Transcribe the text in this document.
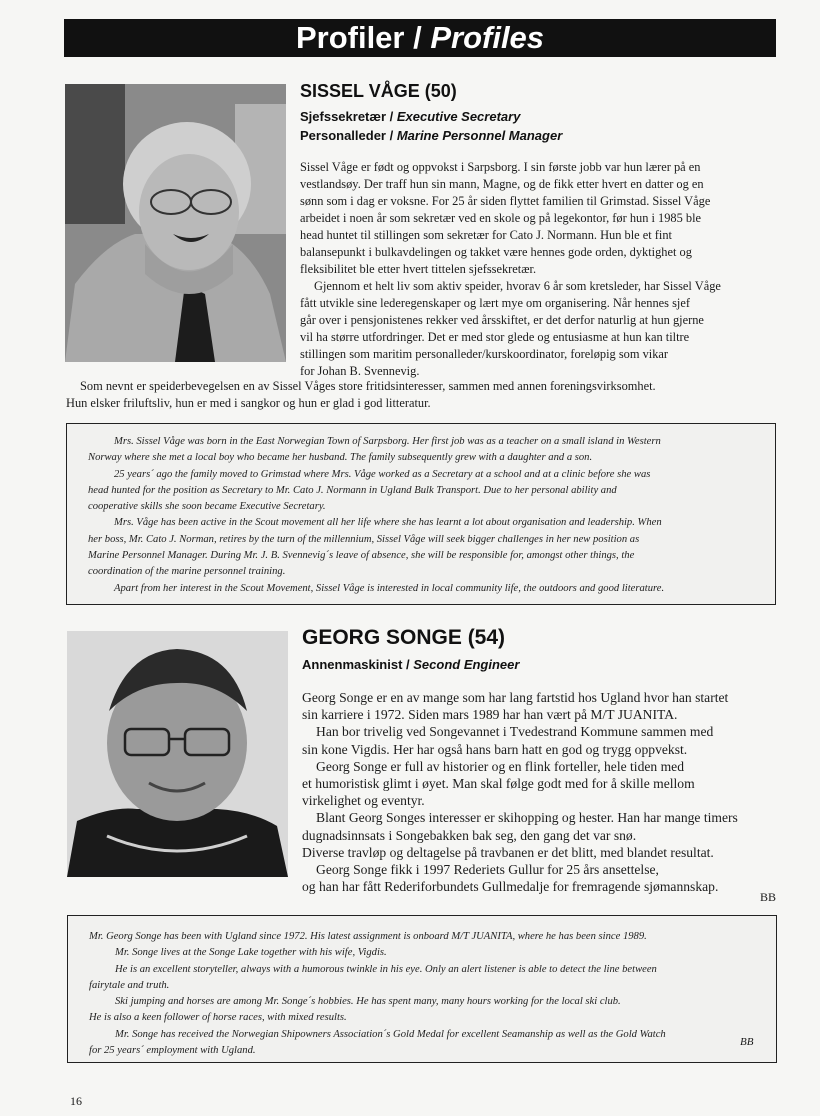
Profiler / Profiles
SISSEL VÅGE (50)
Sjefssekretær / Executive Secretary
Personalleder / Marine Personnel Manager
Sissel Våge er født og oppvokst i Sarpsborg. I sin første jobb var hun lærer på en
vestlandsøy. Der traff hun sin mann, Magne, og de fikk etter hvert en datter og en
sønn som i dag er voksne. For 25 år siden flyttet familien til Grimstad. Sissel Våge
arbeidet i noen år som sekretær ved en skole og på legekontor, før hun i 1985 ble
head huntet til stillingen som sekretær for Cato J. Normann. Hun ble et fint
balansepunkt i bulkavdelingen og takket være hennes gode orden, dyktighet og
fleksibilitet ble etter hvert tittelen sjefssekretær.
Gjennom et helt liv som aktiv speider, hvorav 6 år som kretsleder, har Sissel Våge
fått utvikle sine lederegenskaper og lært mye om organisering. Når hennes sjef
går over i pensjonistenes rekker ved årsskiftet, er det derfor naturlig at hun gjerne
vil ha større utfordringer. Det er med stor glede og entusiasme at hun kan tiltre
stillingen som maritim personalleder/kurskoordinator, foreløpig som vikar
for Johan B. Svennevig.
Som nevnt er speiderbevegelsen en av Sissel Våges store fritidsinteresser, sammen med annen foreningsvirksomhet.
Hun elsker friluftsliv, hun er med i sangkor og hun er glad i god litteratur.
Mrs. Sissel Våge was born in the East Norwegian Town of Sarpsborg. Her first job was as a teacher on a small island in Western
Norway where she met a local boy who became her husband. The family subsequently grew with a daughter and a son.
25 years´ ago the family moved to Grimstad where Mrs. Våge worked as a Secretary at a school and at a clinic before she was
head hunted for the position as Secretary to Mr. Cato J. Normann in Ugland Bulk Transport. Due to her personal ability and
cooperative skills she soon became Executive Secretary.
Mrs. Våge has been active in the Scout movement all her life where she has learnt a lot about organisation and leadership. When
her boss, Mr. Cato J. Norman, retires by the turn of the millennium, Sissel Våge will seek bigger challenges in her new position as
Marine Personnel Manager. During Mr. J. B. Svennevig´s leave of absence, she will be responsible for, amongst other things, the
coordination of the marine personnel training.
Apart from her interest in the Scout Movement, Sissel Våge is interested in local community life, the outdoors and good literature.
GEORG SONGE (54)
Annenmaskinist / Second Engineer
Georg Songe er en av mange som har lang fartstid hos Ugland hvor han startet
sin karriere i 1972. Siden mars 1989 har han vært på M/T JUANITA.
Han bor trivelig ved Songevannet i Tvedestrand Kommune sammen med
sin kone Vigdis. Her har også hans barn hatt en god og trygg oppvekst.
Georg Songe er full av historier og en flink forteller, hele tiden med
et humoristisk glimt i øyet. Man skal følge godt med for å skille mellom
virkelighet og eventyr.
Blant Georg Songes interesser er skihopping og hester. Han har mange timers
dugnadsinnsats i Songebakken bak seg, den gang det var snø.
Diverse travløp og deltagelse på travbanen er det blitt, med blandet resultat.
Georg Songe fikk i 1997 Rederiets Gullur for 25 års ansettelse,
og han har fått Rederiforbundets Gullmedalje for fremragende sjømannskap.
BB
Mr. Georg Songe has been with Ugland since 1972. His latest assignment is onboard M/T JUANITA, where he has been since 1989.
Mr. Songe lives at the Songe Lake together with his wife, Vigdis.
He is an excellent storyteller, always with a humorous twinkle in his eye. Only an alert listener is able to detect the line between
fairytale and truth.
Ski jumping and horses are among Mr. Songe´s hobbies. He has spent many, many hours working for the local ski club.
He is also a keen follower of horse races, with mixed results.
Mr. Songe has received the Norwegian Shipowners Association´s Gold Medal for excellent Seamanship as well as the Gold Watch
for 25 years´ employment with Ugland.
BB
16
